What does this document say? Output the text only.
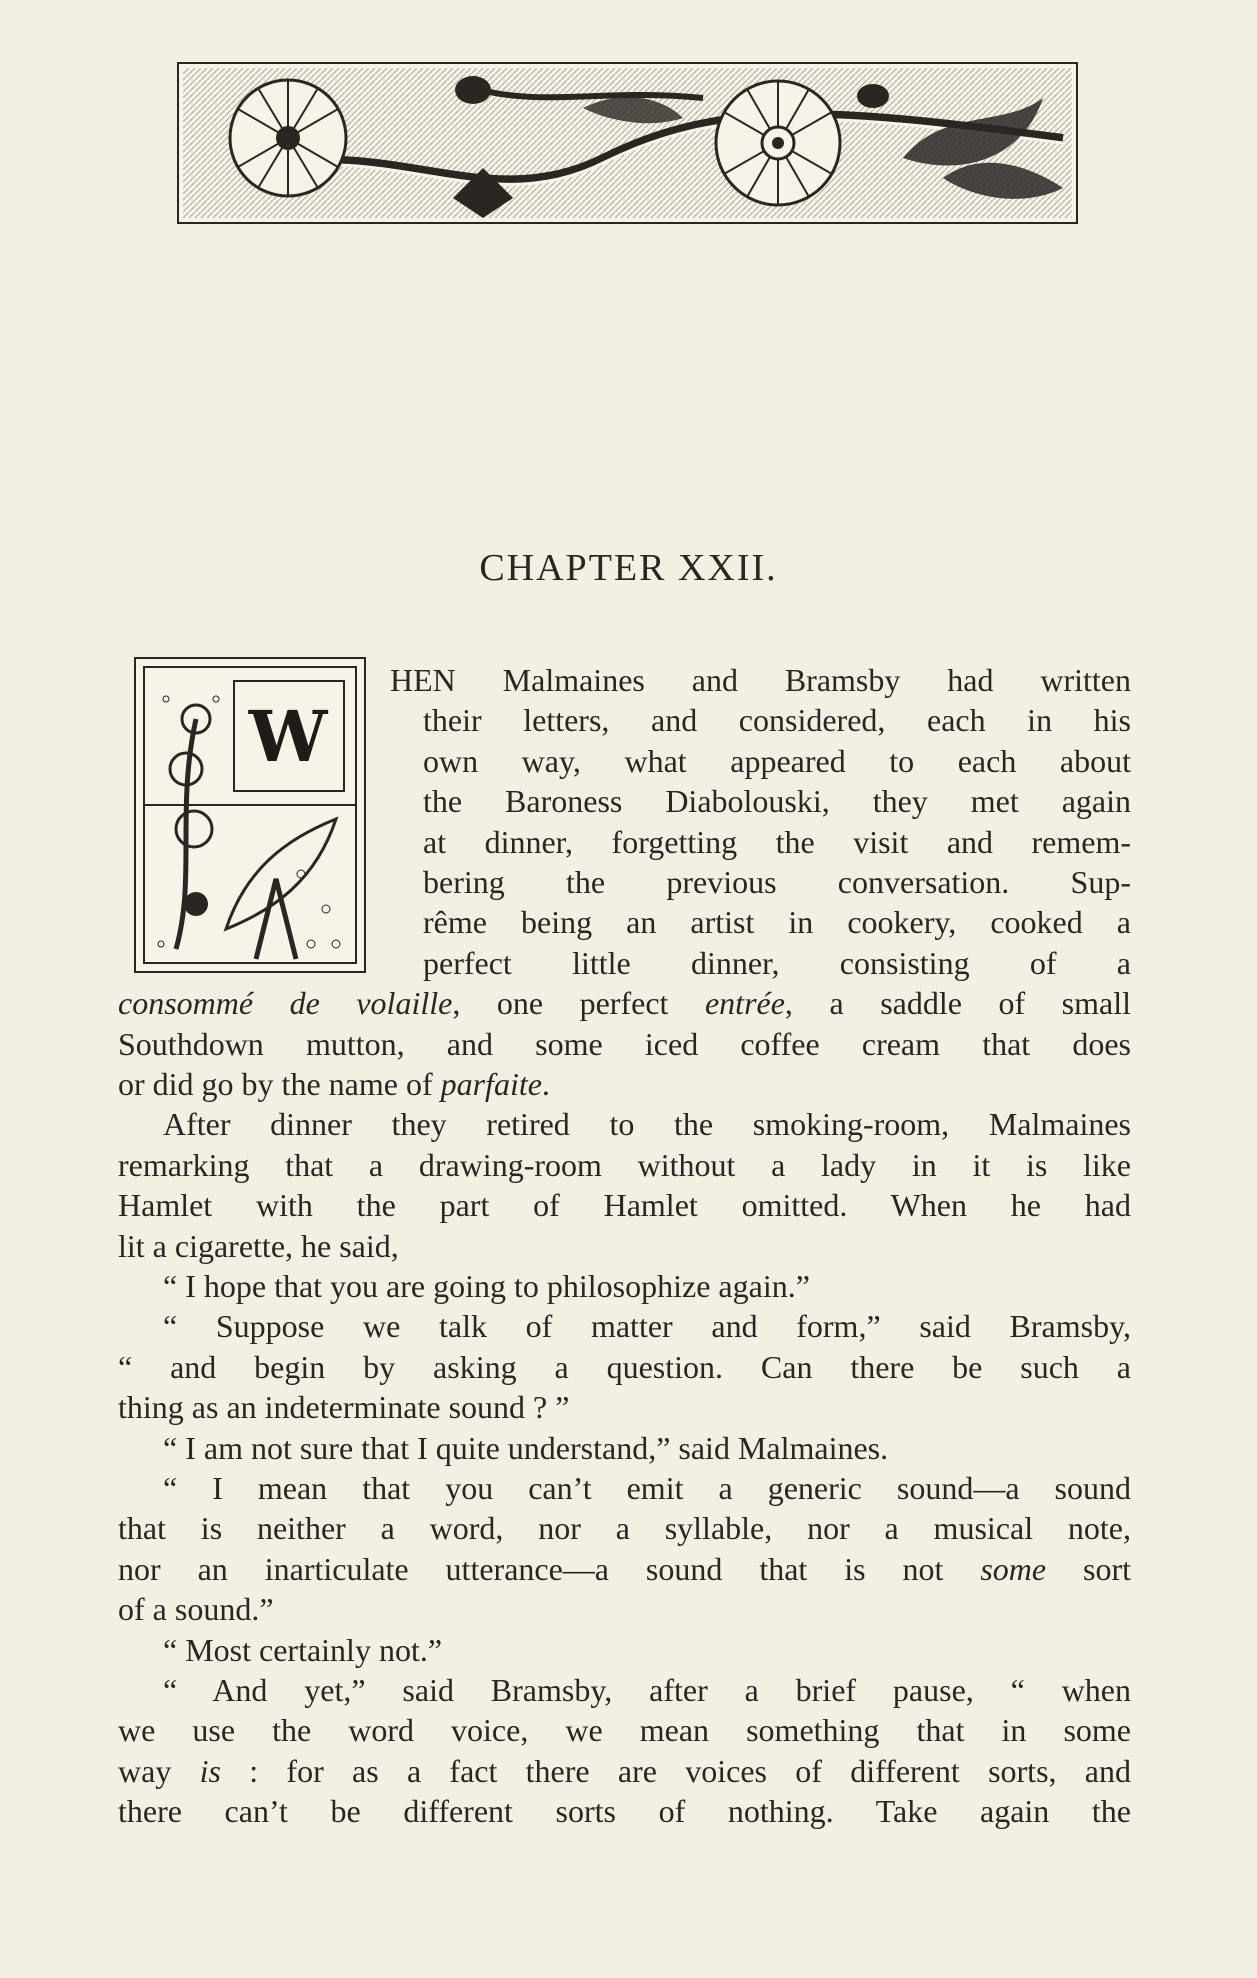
CHAPTER XXII.
W
HEN Malmaines and Bramsby had written
their letters, and considered, each in his
own way, what appeared to each about
the Baroness Diabolouski, they met again
at dinner, forgetting the visit and remem-
bering the previous conversation. Sup-
rême being an artist in cookery, cooked a
perfect little dinner, consisting of a
consommé de volaille, one perfect entrée, a saddle of small
Southdown mutton, and some iced coffee cream that does
or did go by the name of parfaite.
After dinner they retired to the smoking-room, Malmaines
remarking that a drawing-room without a lady in it is like
Hamlet with the part of Hamlet omitted. When he had
lit a cigarette, he said,
“ I hope that you are going to philosophize again.”
“ Suppose we talk of matter and form,” said Bramsby,
“ and begin by asking a question. Can there be such a
thing as an indeterminate sound ? ”
“ I am not sure that I quite understand,” said Malmaines.
“ I mean that you can’t emit a generic sound—a sound
that is neither a word, nor a syllable, nor a musical note,
nor an inarticulate utterance—a sound that is not some sort
of a sound.”
“ Most certainly not.”
“ And yet,” said Bramsby, after a brief pause, “ when
we use the word voice, we mean something that in some
way is : for as a fact there are voices of different sorts, and
there can’t be different sorts of nothing. Take again the
